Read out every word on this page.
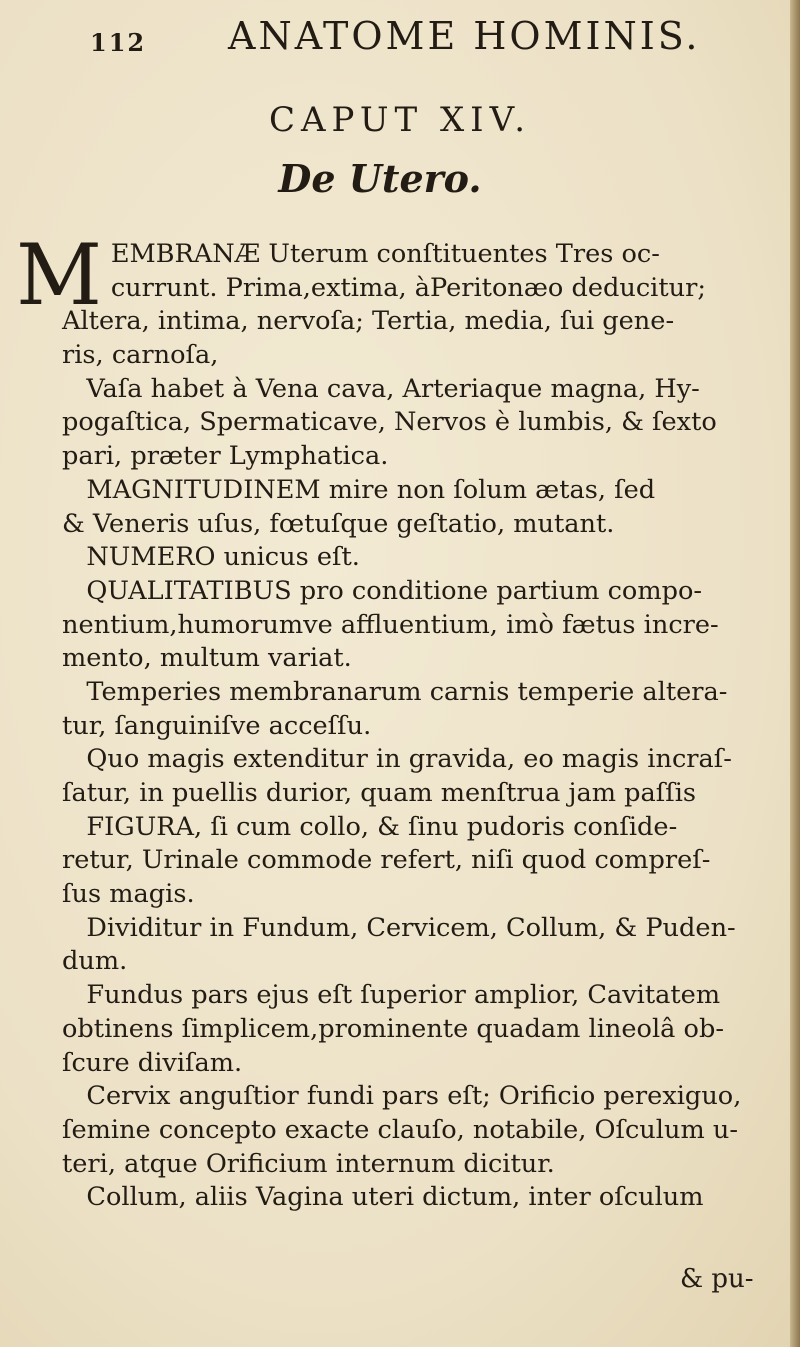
112 ANATOME HOMINIS.
CAPUT XIV.
De Utero.
M
EMBRANÆ Uterum conſtituentes Tres oc-
currunt. Prima,extima, àPeritonæo deducitur;
Altera, intima, nervoſa; Tertia, media, ſui gene-
ris, carnoſa,
Vaſa habet à Vena cava, Arteriaque magna, Hy-
pogaſtica, Spermaticave, Nervos è lumbis, & ſexto
pari, præter Lymphatica.
MAGNITUDINEM mire non ſolum ætas, ſed
& Veneris uſus, fœtuſque geſtatio, mutant.
NUMERO unicus eſt.
QUALITATIBUS pro conditione partium compo-
nentium,humorumve affluentium, imò fætus incre-
mento, multum variat.
Temperies membranarum carnis temperie altera-
tur, ſanguiniſve acceſſu.
Quo magis extenditur in gravida, eo magis incraſ-
ſatur, in puellis durior, quam menſtrua jam paſſis
FIGURA, ſi cum collo, & ſinu pudoris conſide-
retur, Urinale commode refert, niſi quod compreſ-
ſus magis.
Dividitur in Fundum, Cervicem, Collum, & Puden-
dum.
Fundus pars ejus eſt ſuperior amplior, Cavitatem
obtinens ſimplicem,prominente quadam lineolâ ob-
ſcure diviſam.
Cervix anguſtior fundi pars eſt; Orificio perexiguo,
ſemine concepto exacte clauſo, notabile, Oſculum u-
teri, atque Orificium internum dicitur.
Collum, aliis Vagina uteri dictum, inter oſculum
& pu-
